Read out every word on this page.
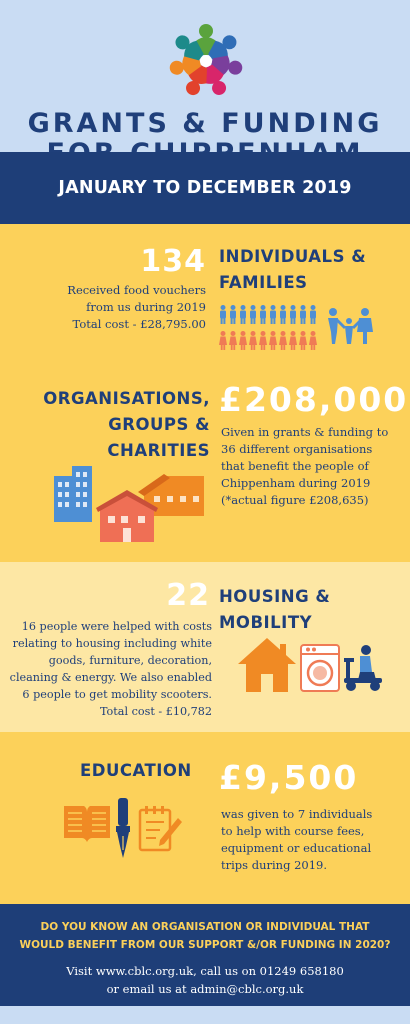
GRANTS & FUNDING
JANUARY TO DECEMBER 2019
134
Received food vouchers
from us during 2019
Total cost - £28,795.00
INDIVIDUALS &
FAMILIES
ORGANISATIONS,
GROUPS &
CHARITIES
£208,000
Given in grants & funding to
36 different organisations
that benefit the people of
Chippenham during 2019
(*actual figure £208,635)
22
16 people were helped with costs
relating to housing including white
goods, furniture, decoration,
cleaning & energy. We also enabled
6 people to get mobility scooters.
Total cost - £10,782
HOUSING &
MOBILITY
EDUCATION £9,500
was given to 7 individuals
to help with course fees,
equipment or educational
trips during 2019.
DO YOU KNOW AN ORGANISATION OR INDIVIDUAL THAT
WOULD BENEFIT FROM OUR SUPPORT &/OR FUNDING IN 2020?
Visit www.cblc.org.uk, call us on 01249 658180
or email us at admin@cblc.org.uk
